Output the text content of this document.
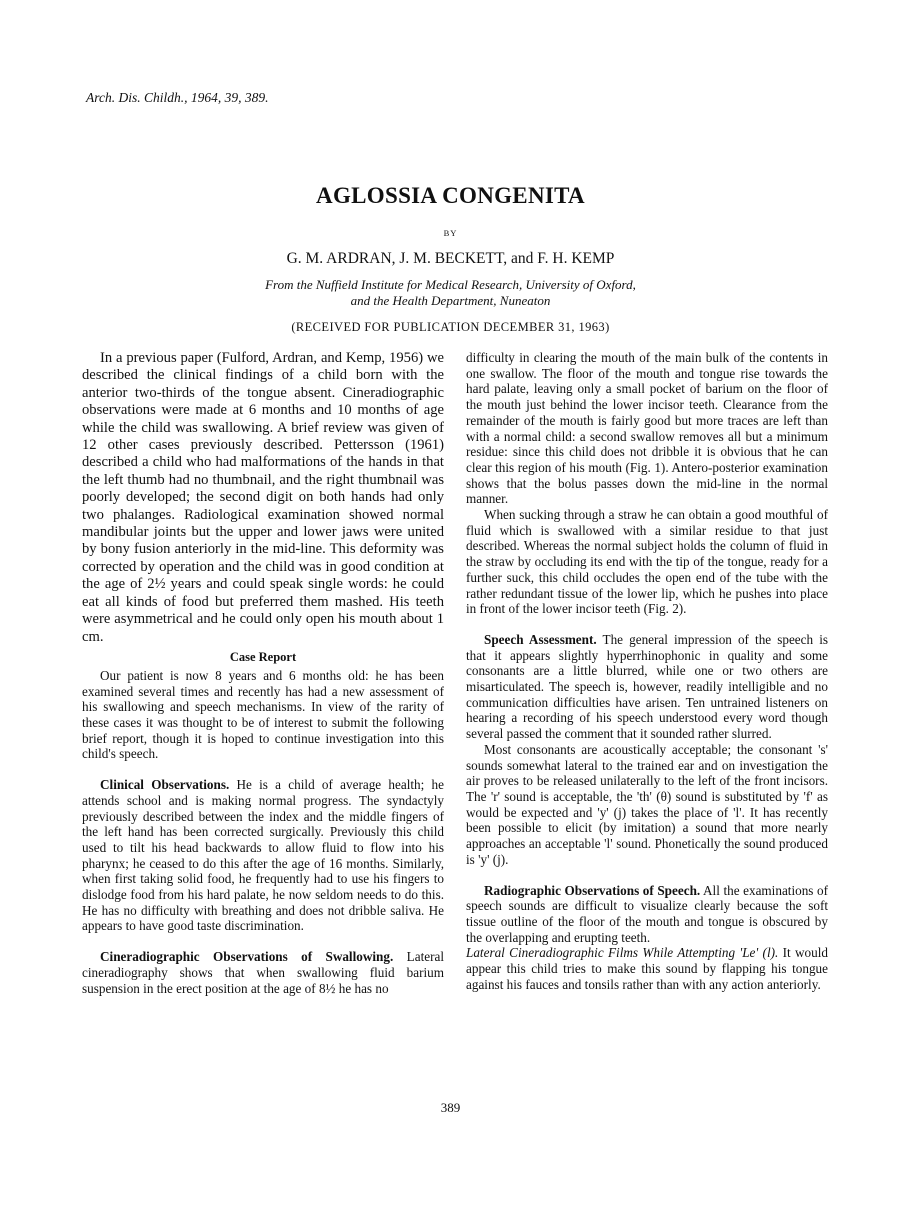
Arch. Dis. Childh., 1964, 39, 389.
AGLOSSIA CONGENITA
BY
G. M. ARDRAN, J. M. BECKETT, and F. H. KEMP
From the Nuffield Institute for Medical Research, University of Oxford,
and the Health Department, Nuneaton
(RECEIVED FOR PUBLICATION DECEMBER 31, 1963)

In a previous paper (Fulford, Ardran, and Kemp, 1956) we described the clinical findings of a child born with the anterior two-thirds of the tongue absent. Cineradiographic observations were made at 6 months and 10 months of age while the child was swallowing. A brief review was given of 12 other cases previously described. Pettersson (1961) described a child who had malformations of the hands in that the left thumb had no thumbnail, and the right thumbnail was poorly developed; the second digit on both hands had only two phalanges. Radiological examination showed normal mandibular joints but the upper and lower jaws were united by bony fusion anteriorly in the mid-line. This deformity was corrected by operation and the child was in good condition at the age of 2½ years and could speak single words: he could eat all kinds of food but preferred them mashed. His teeth were asymmetrical and he could only open his mouth about 1 cm.

Case Report

Our patient is now 8 years and 6 months old: he has been examined several times and recently has had a new assessment of his swallowing and speech mechanisms. In view of the rarity of these cases it was thought to be of interest to submit the following brief report, though it is hoped to continue investigation into this child's speech.

Clinical Observations. He is a child of average health; he attends school and is making normal progress. The syndactyly previously described between the index and the middle fingers of the left hand has been corrected surgically. Previously this child used to tilt his head backwards to allow fluid to flow into his pharynx; he ceased to do this after the age of 16 months. Similarly, when first taking solid food, he frequently had to use his fingers to dislodge food from his hard palate, he now seldom needs to do this. He has no difficulty with breathing and does not dribble saliva. He appears to have good taste discrimination.

Cineradiographic Observations of Swallowing. Lateral cineradiography shows that when swallowing fluid barium suspension in the erect position at the age of 8½ he has no

difficulty in clearing the mouth of the main bulk of the contents in one swallow. The floor of the mouth and tongue rise towards the hard palate, leaving only a small pocket of barium on the floor of the mouth just behind the lower incisor teeth. Clearance from the remainder of the mouth is fairly good but more traces are left than with a normal child: a second swallow removes all but a minimum residue: since this child does not dribble it is obvious that he can clear this region of his mouth (Fig. 1). Antero-posterior examination shows that the bolus passes down the mid-line in the normal manner.

When sucking through a straw he can obtain a good mouthful of fluid which is swallowed with a similar residue to that just described. Whereas the normal subject holds the column of fluid in the straw by occluding its end with the tip of the tongue, ready for a further suck, this child occludes the open end of the tube with the rather redundant tissue of the lower lip, which he pushes into place in front of the lower incisor teeth (Fig. 2).

Speech Assessment. The general impression of the speech is that it appears slightly hyperrhinophonic in quality and some consonants are a little blurred, while one or two others are misarticulated. The speech is, however, readily intelligible and no communication difficulties have arisen. Ten untrained listeners on hearing a recording of his speech understood every word though several passed the comment that it sounded rather slurred.

Most consonants are acoustically acceptable; the consonant 's' sounds somewhat lateral to the trained ear and on investigation the air proves to be released unilaterally to the left of the front incisors. The 'r' sound is acceptable, the 'th' (θ) sound is substituted by 'f' as would be expected and 'y' (j) takes the place of 'l'. It has recently been possible to elicit (by imitation) a sound that more nearly approaches an acceptable 'l' sound. Phonetically the sound produced is 'y' (j).

Radiographic Observations of Speech. All the examinations of speech sounds are difficult to visualize clearly because the soft tissue outline of the floor of the mouth and tongue is obscured by the overlapping and erupting teeth.

Lateral Cineradiographic Films While Attempting 'Le' (l). It would appear this child tries to make this sound by flapping his tongue against his fauces and tonsils rather than with any action anteriorly.

389
